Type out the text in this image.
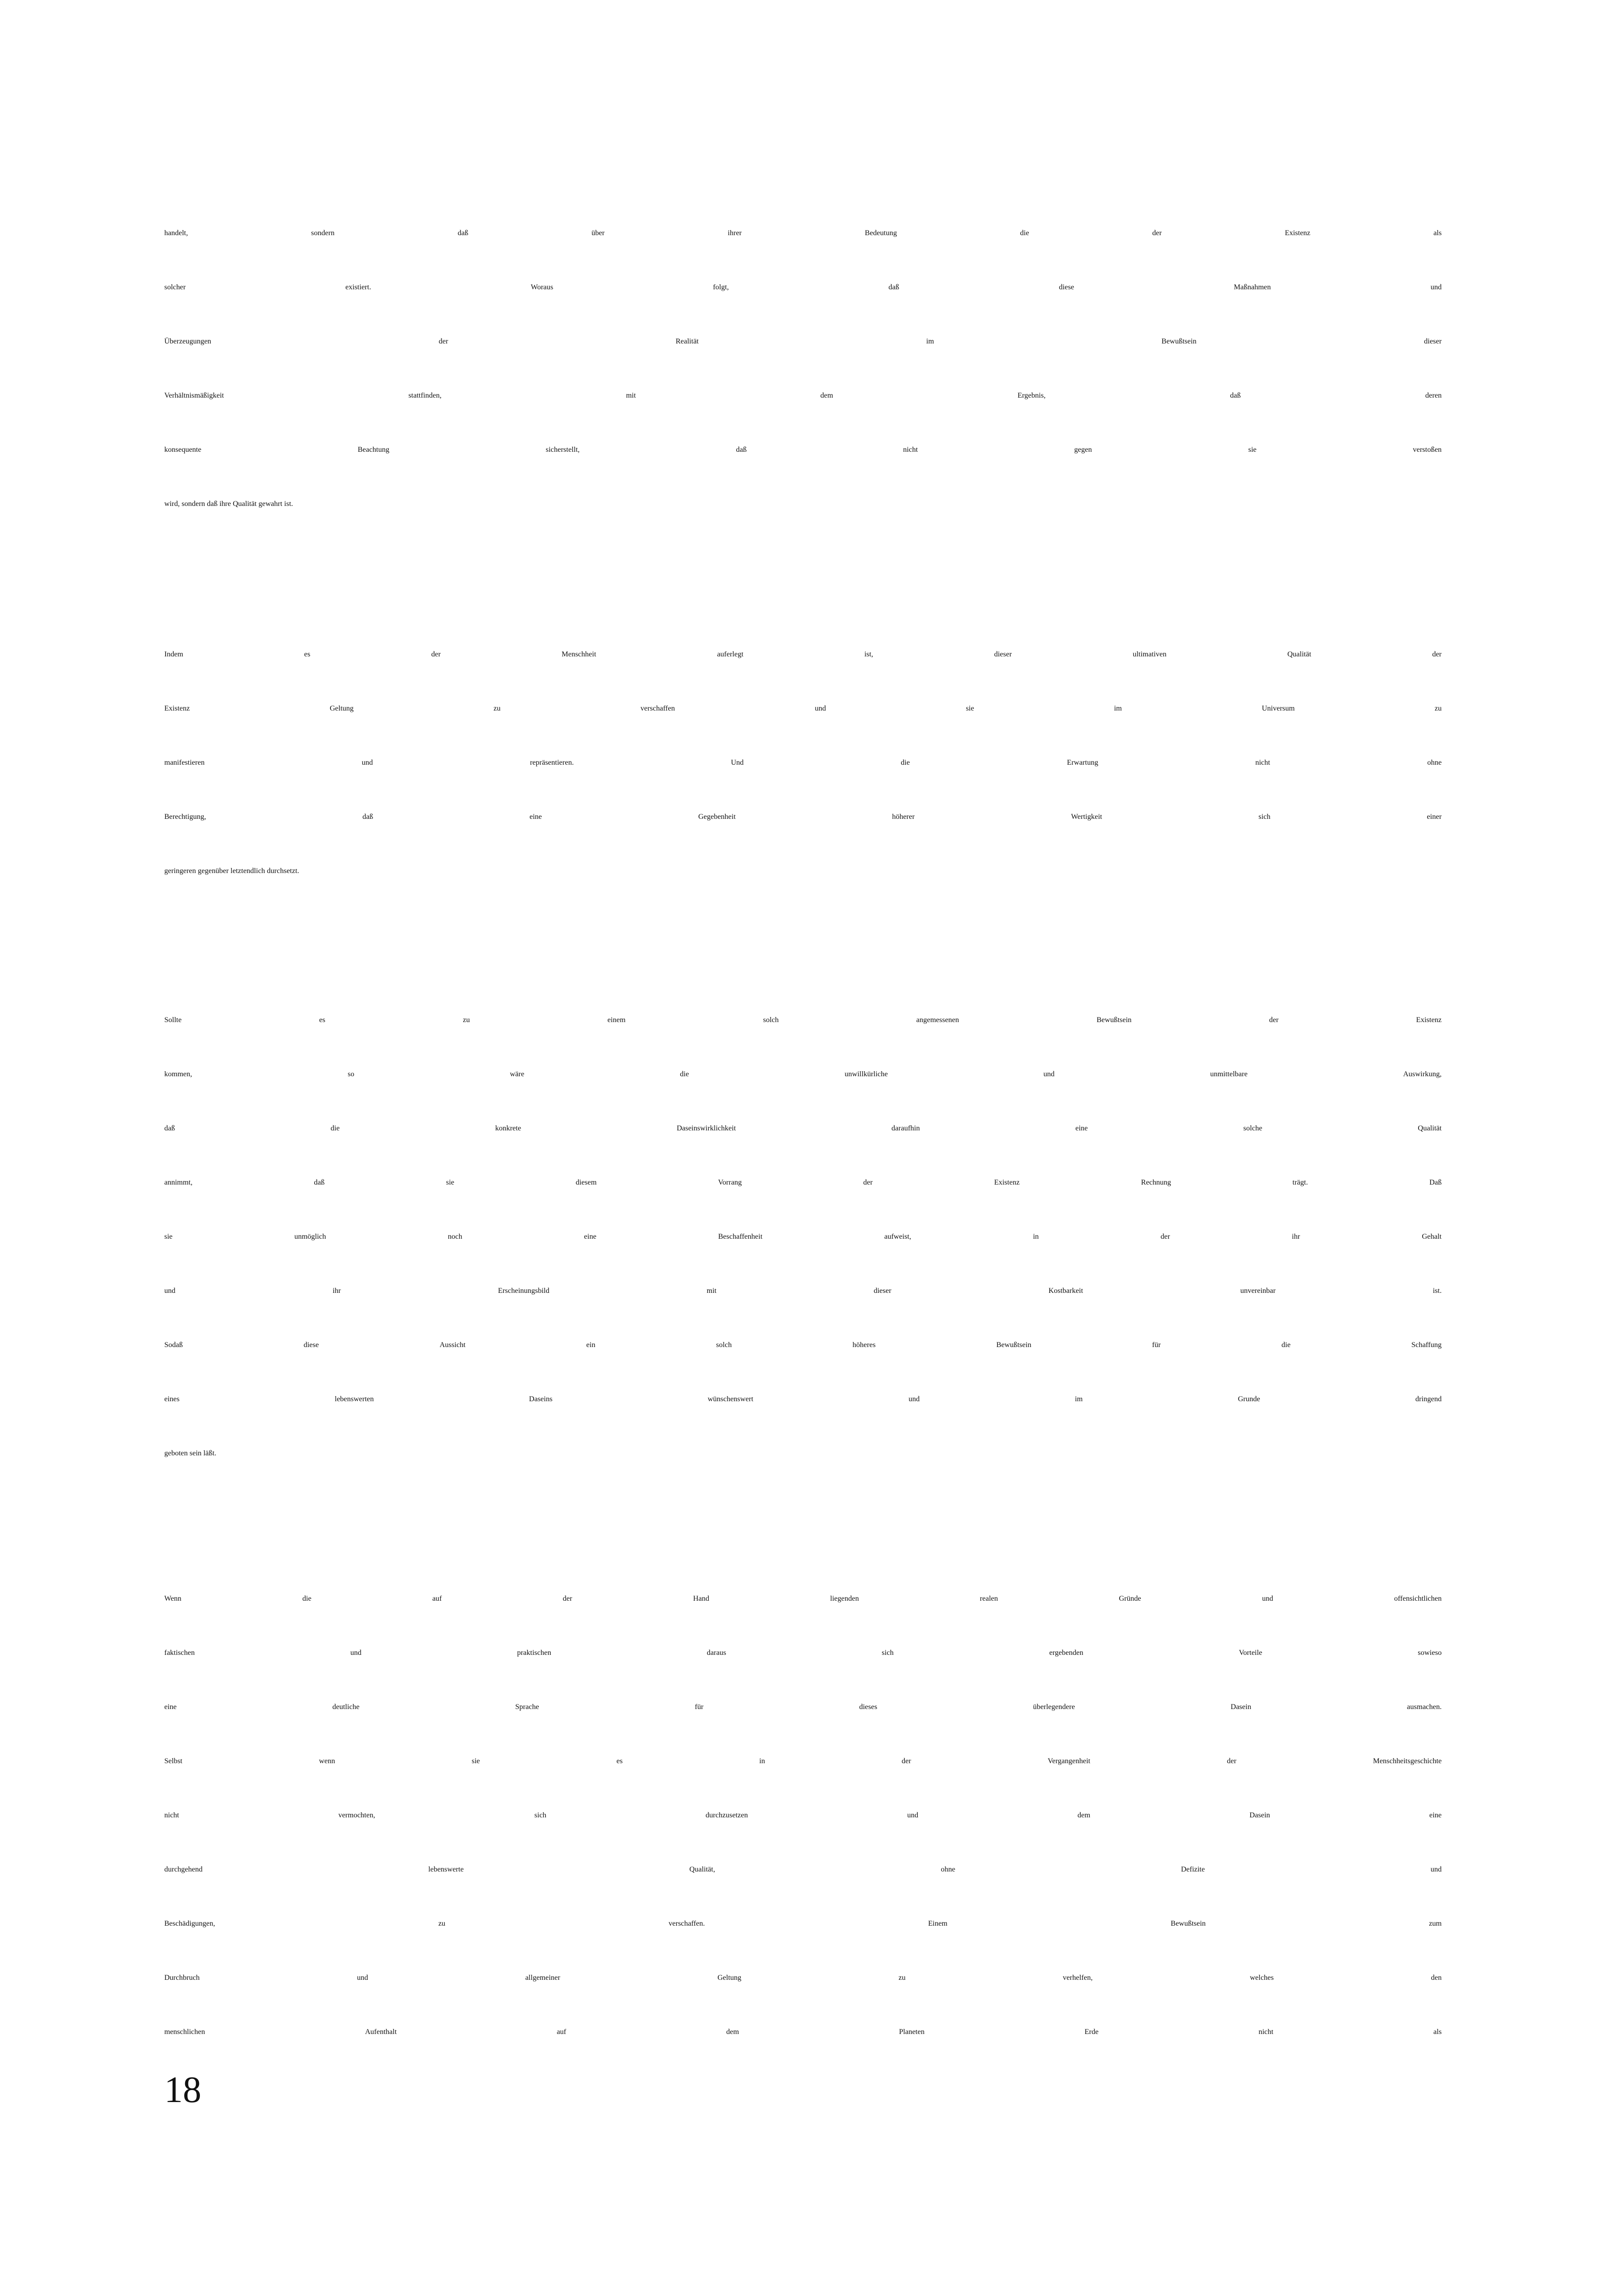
handelt,	sondern	daß	über	ihrer	Bedeutung	die	der	Existenz	als
solcher	existiert.	Woraus	folgt,	daß	diese	Maßnahmen	und
Überzeugungen	der	Realität	im	Bewußtsein	dieser
Verhältnismäßigkeit	stattfinden,	mit	dem	Ergebnis,	daß	deren
konsequente	Beachtung	sicherstellt,	daß	nicht	gegen	sie	verstoßen
wird, sondern daß ihre Qualität gewahrt ist.
Indem	es	der	Menschheit	auferlegt	ist,	dieser	ultimativen	Qualität	der
Existenz	Geltung	zu	verschaffen	und	sie	im	Universum	zu
manifestieren	und	repräsentieren.	Und	die	Erwartung	nicht	ohne
Berechtigung,	daß	eine	Gegebenheit	höherer	Wertigkeit	sich	einer
geringeren gegenüber letztendlich durchsetzt.
Sollte	es	zu	einem	solch	angemessenen	Bewußtsein	der	Existenz
kommen,	so	wäre	die	unwillkürliche	und	unmittelbare	Auswirkung,
daß	die	konkrete	Daseinswirklichkeit	daraufhin	eine	solche	Qualität
annimmt,	daß	sie	diesem	Vorrang	der	Existenz	Rechnung	trägt.	Daß
sie	unmöglich	noch	eine	Beschaffenheit	aufweist,	in	der	ihr	Gehalt
und	ihr	Erscheinungsbild	mit	dieser	Kostbarkeit	unvereinbar	ist.
Sodaß	diese	Aussicht	ein	solch	höheres	Bewußtsein	für	die	Schaffung
eines	lebenswerten	Daseins	wünschenswert	und	im	Grunde	dringend
geboten sein läßt.
Wenn	die	auf	der	Hand	liegenden	realen	Gründe	und	offensichtlichen
faktischen	und	praktischen	daraus	sich	ergebenden	Vorteile	sowieso
eine	deutliche	Sprache	für	dieses	überlegendere	Dasein	ausmachen.
Selbst	wenn	sie	es	in	der	Vergangenheit	der	Menschheitsgeschichte
nicht	vermochten,	sich	durchzusetzen	und	dem	Dasein	eine
durchgehend	lebenswerte	Qualität,	ohne	Defizite	und
Beschädigungen,	zu	verschaffen.	Einem	Bewußtsein	zum
Durchbruch	und	allgemeiner	Geltung	zu	verhelfen,	welches	den
menschlichen	Aufenthalt	auf	dem	Planeten	Erde	nicht	als
18
